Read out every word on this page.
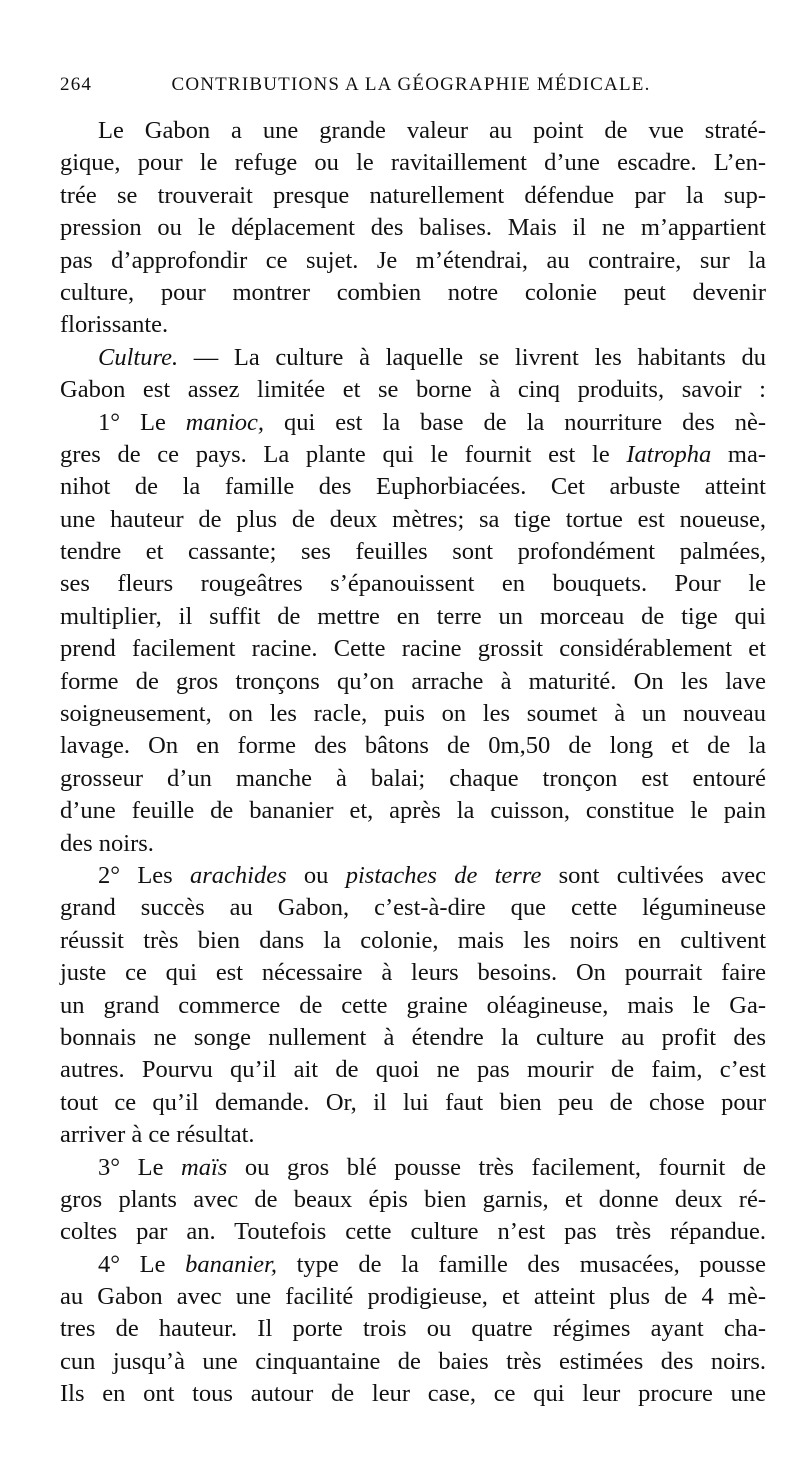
264	CONTRIBUTIONS A LA GÉOGRAPHIE MÉDICALE.
Le Gabon a une grande valeur au point de vue straté-
gique, pour le refuge ou le ravitaillement d’une escadre. L’en-
trée se trouverait presque naturellement défendue par la sup-
pression ou le déplacement des balises. Mais il ne m’appartient
pas d’approfondir ce sujet. Je m’étendrai, au contraire, sur la
culture, pour montrer combien notre colonie peut devenir
florissante.
Culture. — La culture à laquelle se livrent les habitants du
Gabon est assez limitée et se borne à cinq produits, savoir :
1° Le manioc, qui est la base de la nourriture des nè-
gres de ce pays. La plante qui le fournit est le Iatropha ma-
nihot de la famille des Euphorbiacées. Cet arbuste atteint
une hauteur de plus de deux mètres; sa tige tortue est noueuse,
tendre et cassante; ses feuilles sont profondément palmées,
ses fleurs rougeâtres s’épanouissent en bouquets. Pour le
multiplier, il suffit de mettre en terre un morceau de tige qui
prend facilement racine. Cette racine grossit considérablement et
forme de gros tronçons qu’on arrache à maturité. On les lave
soigneusement, on les racle, puis on les soumet à un nouveau
lavage. On en forme des bâtons de 0m,50 de long et de la
grosseur d’un manche à balai; chaque tronçon est entouré
d’une feuille de bananier et, après la cuisson, constitue le pain
des noirs.
2° Les arachides ou pistaches de terre sont cultivées avec
grand succès au Gabon, c’est-à-dire que cette légumineuse
réussit très bien dans la colonie, mais les noirs en cultivent
juste ce qui est nécessaire à leurs besoins. On pourrait faire
un grand commerce de cette graine oléagineuse, mais le Ga-
bonnais ne songe nullement à étendre la culture au profit des
autres. Pourvu qu’il ait de quoi ne pas mourir de faim, c’est
tout ce qu’il demande. Or, il lui faut bien peu de chose pour
arriver à ce résultat.
3° Le maïs ou gros blé pousse très facilement, fournit de
gros plants avec de beaux épis bien garnis, et donne deux ré-
coltes par an. Toutefois cette culture n’est pas très répandue.
4° Le bananier, type de la famille des musacées, pousse
au Gabon avec une facilité prodigieuse, et atteint plus de 4 mè-
tres de hauteur. Il porte trois ou quatre régimes ayant cha-
cun jusqu’à une cinquantaine de baies très estimées des noirs.
Ils en ont tous autour de leur case, ce qui leur procure une
